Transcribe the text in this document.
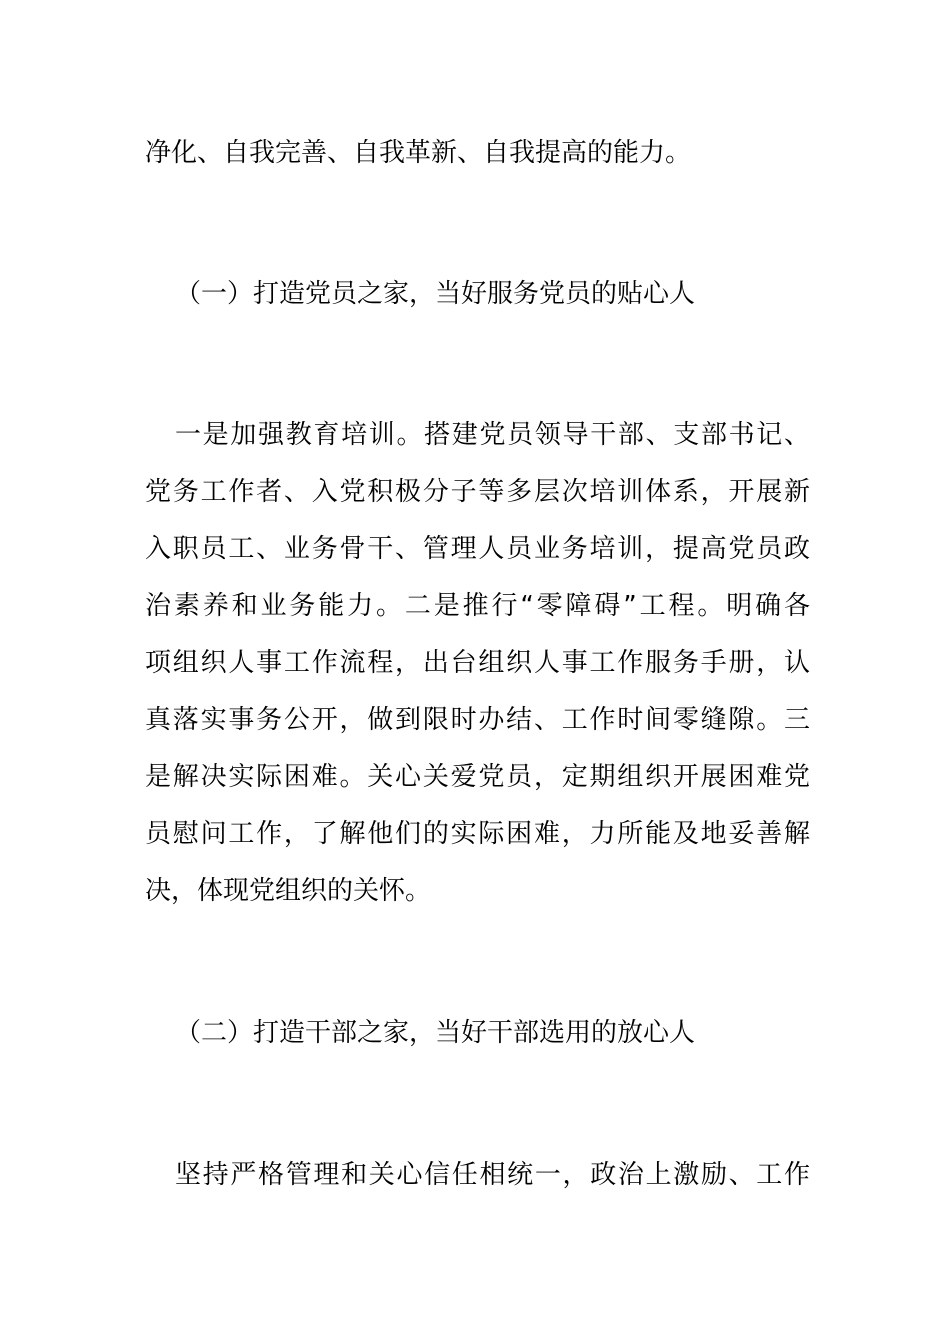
净化、自我完善、自我革新、自我提高的能力。
（一）打造党员之家，当好服务党员的贴心人
一是加强教育培训。搭建党员领导干部、支部书记、
党务工作者、入党积极分子等多层次培训体系，开展新
入职员工、业务骨干、管理人员业务培训，提高党员政
治素养和业务能力。二是推行“零障碍”工程。明确各
项组织人事工作流程，出台组织人事工作服务手册，认
真落实事务公开，做到限时办结、工作时间零缝隙。三
是解决实际困难。关心关爱党员，定期组织开展困难党
员慰问工作，了解他们的实际困难，力所能及地妥善解
决，体现党组织的关怀。
（二）打造干部之家，当好干部选用的放心人
坚持严格管理和关心信任相统一，政治上激励、工作
